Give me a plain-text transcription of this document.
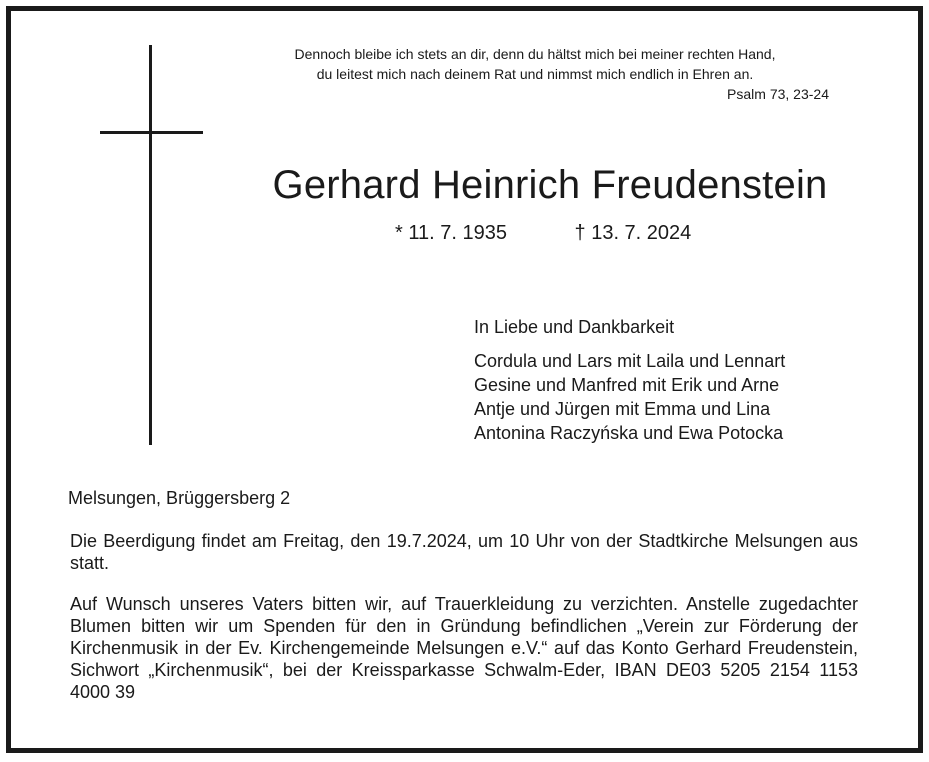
Dennoch bleibe ich stets an dir, denn du hältst mich bei meiner rechten Hand,
du leitest mich nach deinem Rat und nimmst mich endlich in Ehren an.
Psalm 73, 23-24
Gerhard Heinrich Freudenstein
* 11. 7. 1935	† 13. 7. 2024
In Liebe und Dankbarkeit
Cordula und Lars mit Laila und Lennart
Gesine und Manfred mit Erik und Arne
Antje und Jürgen mit Emma und Lina
Antonina Raczyńska und Ewa Potocka
Melsungen, Brüggersberg 2
Die Beerdigung findet am Freitag, den 19.7.2024, um 10 Uhr von der Stadtkirche Melsungen aus statt.
Auf Wunsch unseres Vaters bitten wir, auf Trauerkleidung zu verzichten. Anstelle zugedachter Blumen bitten wir um Spenden für den in Gründung befindlichen „Verein zur Förderung der Kirchenmusik in der Ev. Kirchengemeinde Melsungen e.V.“ auf das Konto Gerhard Freudenstein, Sichwort „Kirchenmusik“, bei der Kreissparkasse Schwalm-Eder, IBAN DE03 5205 2154 1153 4000 39
